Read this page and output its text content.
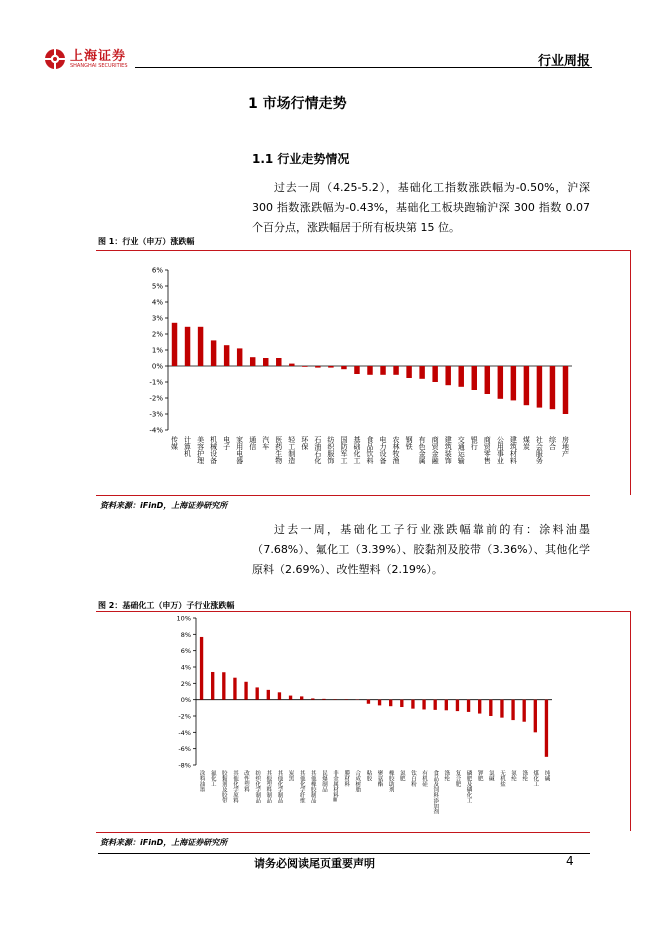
上海证券
SHANGHAI SECURITIES	行业周报
1 市场行情走势
1.1 行业走势情况
过去一周（4.25-5.2），基础化工指数涨跌幅为-0.50%，沪深300 指数涨跌幅为-0.43%，基础化工板块跑输沪深 300 指数 0.07个百分点，涨跌幅居于所有板块第 15 位。
图 1：行业（申万）涨跌幅
-4%
-3%
-2%
-1%
0%
1%
2%
3%
4%
5%
6%
传媒 计算机 美容护理 机械设备 电子 家用电器 通信 汽车 医药生物 轻工制造 环保 石油石化 纺织服饰 国防军工 基础化工 食品饮料 电力设备 农林牧渔 钢铁 有色金属 商贸金融 建筑装饰 交通运输 银行 商贸零售 公用事业 建筑材料 煤炭 社会服务 综合 房地产
资料来源：iFinD，上海证券研究所
过去一周，基础化工子行业涨跌幅靠前的有：涂料油墨（7.68%）、氟化工（3.39%）、胶黏剂及胶带（3.36%）、其他化学原料（2.69%）、改性塑料（2.19%）。
图 2：基础化工（申万）子行业涨跌幅
-8%
-6%
-4%
-2%
0%
2%
4%
6%
8%
10%
涂料油墨 氟化工 胶黏剂及胶带 其他化学原料 改性塑料 纺织化学制品 其他塑料制品 其他化学制品 炭黑 其他化学纤维 其他橡胶制品 民爆制品 非金属材料Ⅲ 膜材料 合成树脂 粘胶 聚氨酯 橡胶助剂 氮肥 钛白粉 有机硅 食品及饲料添加剂 涤纶 复合肥 磷肥及磷化工 钾肥 氯碱 无机盐 氨纶 涤纶 煤化工 纯碱
资料来源：iFinD，上海证券研究所
请务必阅读尾页重要声明	4
